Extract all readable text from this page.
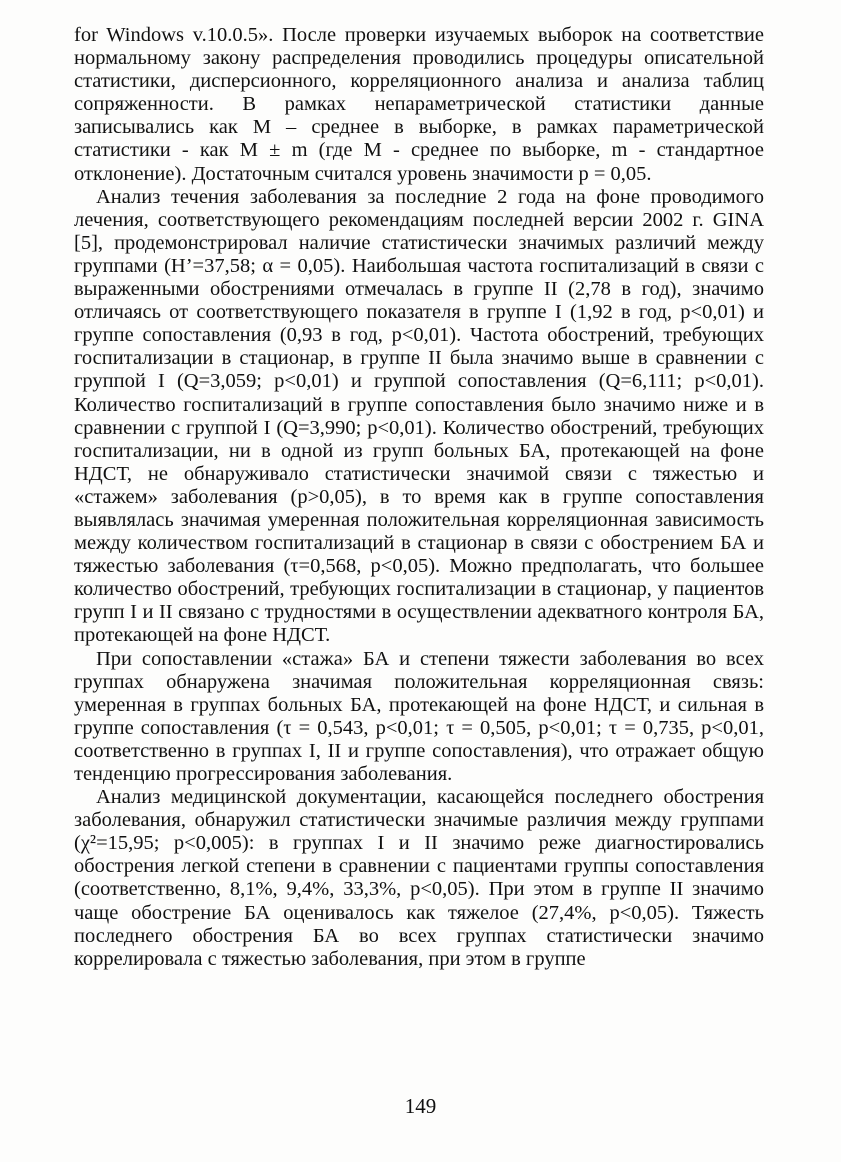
for Windows v.10.0.5». После проверки изучаемых выборок на соответствие нормальному закону распределения проводились процедуры описательной статистики, дисперсионного, корреляционного анализа и анализа таблиц сопряженности. В рамках непараметрической статистики данные записывались как М – среднее в выборке, в рамках параметрической статистики - как М ± m (где М - среднее по выборке, m - стандартное отклонение). Достаточным считался уровень значимости p = 0,05.

Анализ течения заболевания за последние 2 года на фоне проводимого лечения, соответствующего рекомендациям последней версии 2002 г. GINA [5], продемонстрировал наличие статистически значимых различий между группами (H’=37,58; α = 0,05). Наибольшая частота госпитализаций в связи с выраженными обострениями отмечалась в группе II (2,78 в год), значимо отличаясь от соответствующего показателя в группе I (1,92 в год, p<0,01) и группе сопоставления (0,93 в год, p<0,01). Частота обострений, требующих госпитализации в стационар, в группе II была значимо выше в сравнении с группой I (Q=3,059; p<0,01) и группой сопоставления (Q=6,111; p<0,01). Количество госпитализаций в группе сопоставления было значимо ниже и в сравнении с группой I (Q=3,990; p<0,01). Количество обострений, требующих госпитализации, ни в одной из групп больных БА, протекающей на фоне НДСТ, не обнаруживало статистически значимой связи с тяжестью и «стажем» заболевания (p>0,05), в то время как в группе сопоставления выявлялась значимая умеренная положительная корреляционная зависимость между количеством госпитализаций в стационар в связи с обострением БА и тяжестью заболевания (τ=0,568, p<0,05). Можно предполагать, что большее количество обострений, требующих госпитализации в стационар, у пациентов групп I и II связано с трудностями в осуществлении адекватного контроля БА, протекающей на фоне НДСТ.

При сопоставлении «стажа» БА и степени тяжести заболевания во всех группах обнаружена значимая положительная корреляционная связь: умеренная в группах больных БА, протекающей на фоне НДСТ, и сильная в группе сопоставления (τ = 0,543, p<0,01; τ = 0,505, p<0,01; τ = 0,735, p<0,01, соответственно в группах I, II и группе сопоставления), что отражает общую тенденцию прогрессирования заболевания.

Анализ медицинской документации, касающейся последнего обострения заболевания, обнаружил статистически значимые различия между группами (χ²=15,95; p<0,005): в группах I и II значимо реже диагностировались обострения легкой степени в сравнении с пациентами группы сопоставления (соответственно, 8,1%, 9,4%, 33,3%, p<0,05). При этом в группе II значимо чаще обострение БА оценивалось как тяжелое (27,4%, p<0,05). Тяжесть последнего обострения БА во всех группах статистически значимо коррелировала с тяжестью заболевания, при этом в группе

149
